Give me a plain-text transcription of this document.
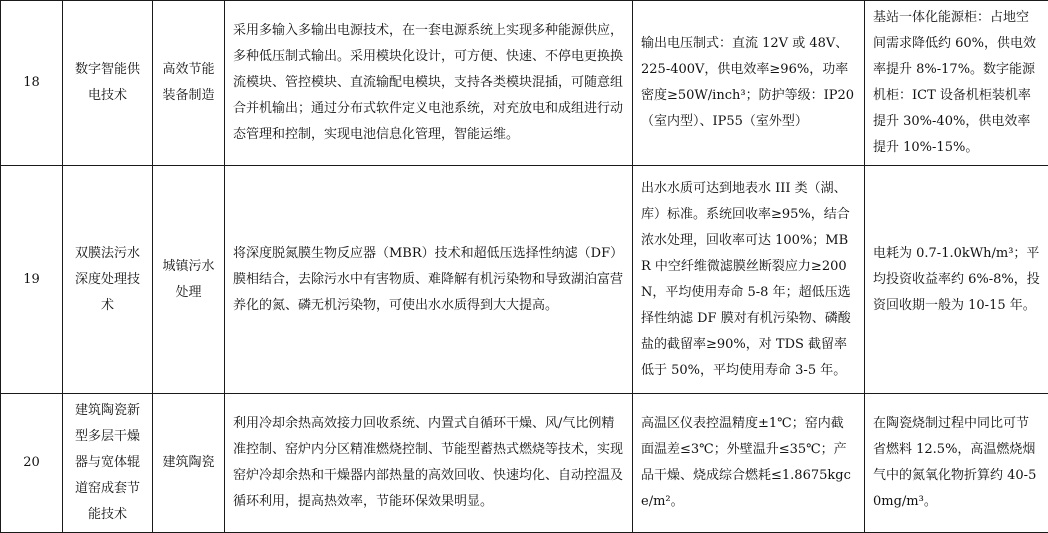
18	数字智能供电技术	高效节能装备制造	采用多输入多输出电源技术，在一套电源系统上实现多种能源供应，多种低压制式输出。采用模块化设计，可方便、快速、不停电更换换流模块、管控模块、直流输配电模块，支持各类模块混插，可随意组合并机输出；通过分布式软件定义电池系统，对充放电和成组进行动态管理和控制，实现电池信息化管理，智能运维。	输出电压制式：直流 12V 或 48V、225-400V，供电效率≥96%，功率密度≥50W/inch³；防护等级：IP20（室内型）、IP55（室外型）	基站一体化能源柜：占地空间需求降低约 60%，供电效率提升 8%-17%。数字能源机柜：ICT 设备机柜装机率提升 30%-40%，供电效率提升 10%-15%。
19	双膜法污水深度处理技术	城镇污水处理	将深度脱氮膜生物反应器（MBR）技术和超低压选择性纳滤（DF）膜相结合，去除污水中有害物质、难降解有机污染物和导致湖泊富营养化的氮、磷无机污染物，可使出水水质得到大大提高。	出水水质可达到地表水 III 类（湖、库）标准。系统回收率≥95%，结合浓水处理，回收率可达 100%；MBR 中空纤维微滤膜丝断裂应力≥200N，平均使用寿命 5-8 年；超低压选择性纳滤 DF 膜对有机污染物、磷酸盐的截留率≥90%，对 TDS 截留率低于 50%，平均使用寿命 3-5 年。	电耗为 0.7-1.0kWh/m³；平均投资收益率约 6%-8%，投资回收期一般为 10-15 年。
20	建筑陶瓷新型多层干燥器与宽体辊道窑成套节能技术	建筑陶瓷	利用冷却余热高效接力回收系统、内置式自循环干燥、风/气比例精准控制、窑炉内分区精准燃烧控制、节能型蓄热式燃烧等技术，实现窑炉冷却余热和干燥器内部热量的高效回收、快速均化、自动控温及循环利用，提高热效率，节能环保效果明显。	高温区仪表控温精度±1℃；窑内截面温差≤3℃；外壁温升≤35℃；产品干燥、烧成综合燃耗≤1.8675kgce/m²。	在陶瓷烧制过程中同比可节省燃料 12.5%，高温燃烧烟气中的氮氧化物折算约 40-50mg/m³。
